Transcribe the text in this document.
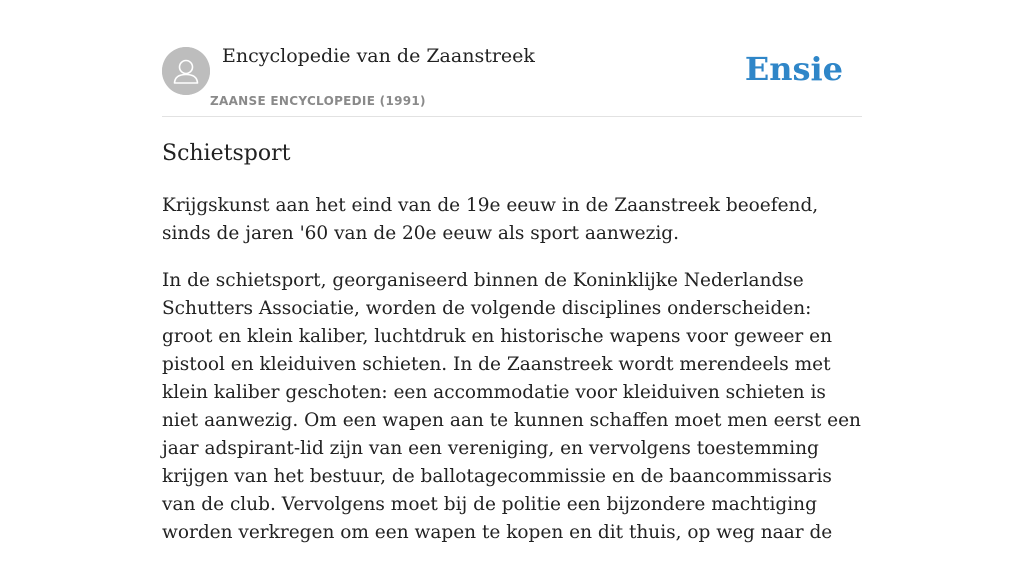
Encyclopedie van de Zaanstreek
ZAANSE ENCYCLOPEDIE (1991)
Ensie
Schietsport

Krijgskunst aan het eind van de 19e eeuw in de Zaanstreek beoefend, sinds de jaren '60 van de 20e eeuw als sport aanwezig.

In de schietsport, georganiseerd binnen de Koninklijke Nederlandse Schutters Associatie, worden de volgende disciplines onderscheiden: groot en klein kaliber, luchtdruk en historische wapens voor geweer en pistool en kleiduiven schieten. In de Zaanstreek wordt merendeels met klein kaliber geschoten: een accommodatie voor kleiduiven schieten is niet aanwezig. Om een wapen aan te kunnen schaffen moet men eerst een jaar adspirant-lid zijn van een vereniging, en vervolgens toestemming krijgen van het bestuur, de ballotagecommissie en de baancommissaris van de club. Vervolgens moet bij de politie een bijzondere machtiging worden verkregen om een wapen te kopen en dit thuis, op weg naar de
